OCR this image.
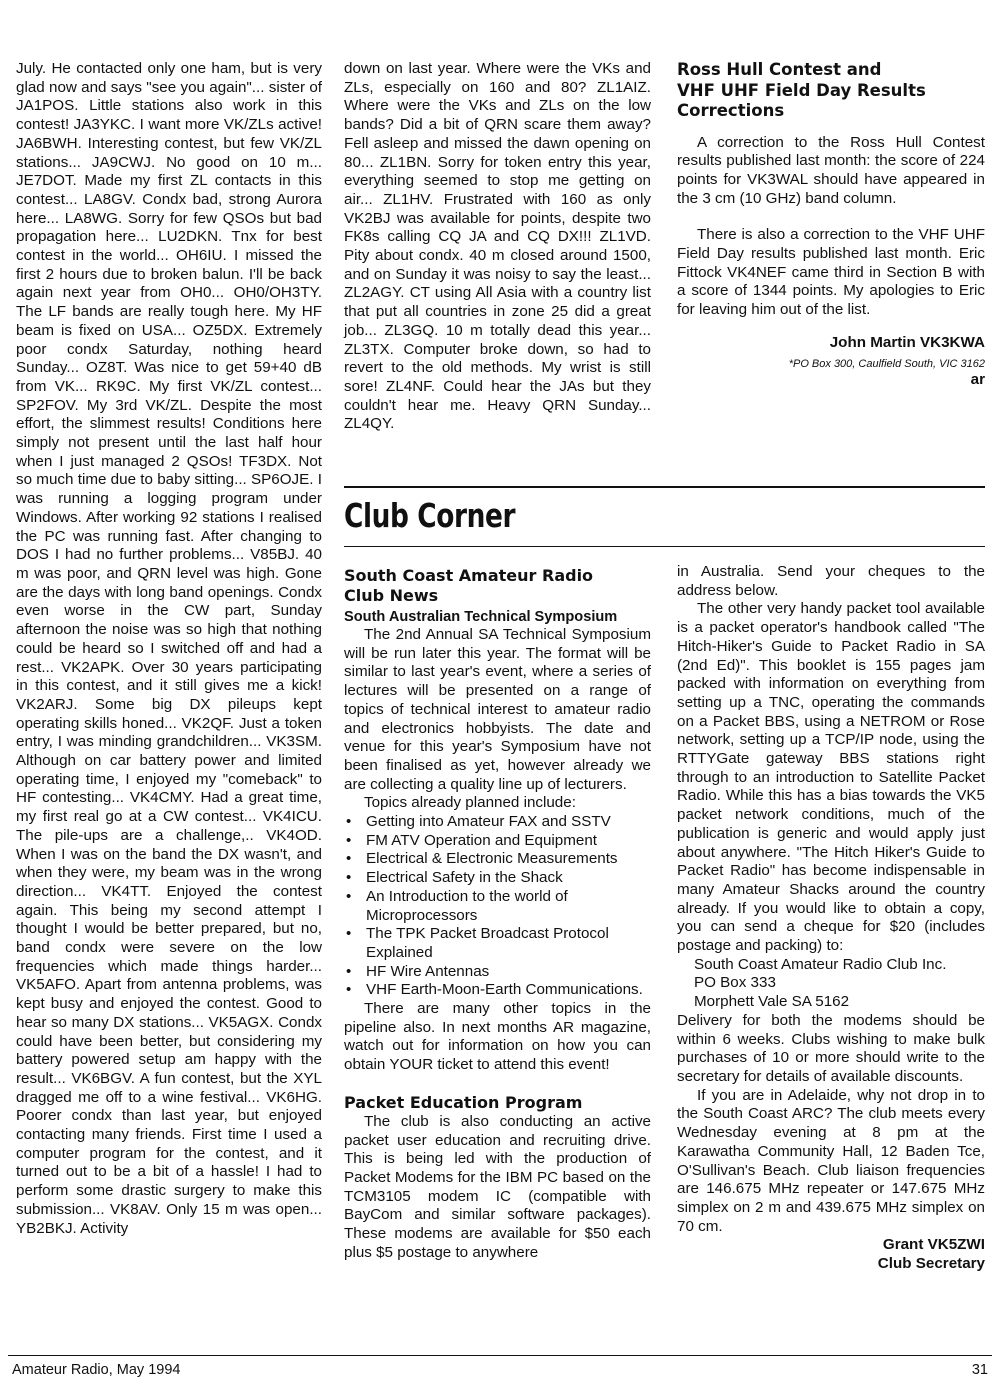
July. He contacted only one ham, but is very glad now and says "see you again"... sister of JA1POS. Little stations also work in this contest! JA3YKC. I want more VK/ZLs active! JA6BWH. Interesting contest, but few VK/ZL stations... JA9CWJ. No good on 10 m... JE7DOT. Made my first ZL contacts in this contest... LA8GV. Condx bad, strong Aurora here... LA8WG. Sorry for few QSOs but bad propagation here... LU2DKN. Tnx for best contest in the world... OH6IU. I missed the first 2 hours due to broken balun. I'll be back again next year from OH0... OH0/OH3TY. The LF bands are really tough here. My HF beam is fixed on USA... OZ5DX. Extremely poor condx Saturday, nothing heard Sunday... OZ8T. Was nice to get 59+40 dB from VK... RK9C. My first VK/ZL contest... SP2FOV. My 3rd VK/ZL. Despite the most effort, the slimmest results! Conditions here simply not present until the last half hour when I just managed 2 QSOs! TF3DX. Not so much time due to baby sitting... SP6OJE. I was running a logging program under Windows. After working 92 stations I realised the PC was running fast. After changing to DOS I had no further problems... V85BJ. 40 m was poor, and QRN level was high. Gone are the days with long band openings. Condx even worse in the CW part, Sunday afternoon the noise was so high that nothing could be heard so I switched off and had a rest... VK2APK. Over 30 years participating in this contest, and it still gives me a kick! VK2ARJ. Some big DX pileups kept operating skills honed... VK2QF. Just a token entry, I was minding grandchildren... VK3SM. Although on car battery power and limited operating time, I enjoyed my "comeback" to HF contesting... VK4CMY. Had a great time, my first real go at a CW contest... VK4ICU. The pile-ups are a challenge,.. VK4OD. When I was on the band the DX wasn't, and when they were, my beam was in the wrong direction... VK4TT. Enjoyed the contest again. This being my second attempt I thought I would be better prepared, but no, band condx were severe on the low frequencies which made things harder... VK5AFO. Apart from antenna problems, was kept busy and enjoyed the contest. Good to hear so many DX stations... VK5AGX. Condx could have been better, but considering my battery powered setup am happy with the result... VK6BGV. A fun contest, but the XYL dragged me off to a wine festival... VK6HG. Poorer condx than last year, but enjoyed contacting many friends. First time I used a computer program for the contest, and it turned out to be a bit of a hassle! I had to perform some drastic surgery to make this submission... VK8AV. Only 15 m was open... YB2BKJ. Activity

down on last year. Where were the VKs and ZLs, especially on 160 and 80? ZL1AIZ. Where were the VKs and ZLs on the low bands? Did a bit of QRN scare them away? Fell asleep and missed the dawn opening on 80... ZL1BN. Sorry for token entry this year, everything seemed to stop me getting on air... ZL1HV. Frustrated with 160 as only VK2BJ was available for points, despite two FK8s calling CQ JA and CQ DX!!! ZL1VD. Pity about condx. 40 m closed around 1500, and on Sunday it was noisy to say the least... ZL2AGY. CT using All Asia with a country list that put all countries in zone 25 did a great job... ZL3GQ. 10 m totally dead this year... ZL3TX. Computer broke down, so had to revert to the old methods. My wrist is still sore! ZL4NF. Could hear the JAs but they couldn't hear me. Heavy QRN Sunday... ZL4QY.

Ross Hull Contest and
VHF UHF Field Day Results
Corrections

A correction to the Ross Hull Contest results published last month: the score of 224 points for VK3WAL should have appeared in the 3 cm (10 GHz) band column.

There is also a correction to the VHF UHF Field Day results published last month. Eric Fittock VK4NEF came third in Section B with a score of 1344 points. My apologies to Eric for leaving him out of the list.

John Martin VK3KWA

*PO Box 300, Caulfield South, VIC 3162

ar

Club Corner
South Coast Amateur Radio
Club News

South Australian Technical Symposium

The 2nd Annual SA Technical Symposium will be run later this year. The format will be similar to last year's event, where a series of lectures will be presented on a range of topics of technical interest to amateur radio and electronics hobbyists. The date and venue for this year's Symposium have not been finalised as yet, however already we are collecting a quality line up of lecturers.

Topics already planned include:

• Getting into Amateur FAX and SSTV
• FM ATV Operation and Equipment
• Electrical & Electronic Measurements
• Electrical Safety in the Shack
• An Introduction to the world of Microprocessors
• The TPK Packet Broadcast Protocol Explained
• HF Wire Antennas
• VHF Earth-Moon-Earth Communications.

There are many other topics in the pipeline also. In next months AR magazine, watch out for information on how you can obtain YOUR ticket to attend this event!

Packet Education Program

The club is also conducting an active packet user education and recruiting drive. This is being led with the production of Packet Modems for the IBM PC based on the TCM3105 modem IC (compatible with BayCom and similar software packages). These modems are available for $50 each plus $5 postage to anywhere

in Australia. Send your cheques to the address below.

The other very handy packet tool available is a packet operator's handbook called "The Hitch-Hiker's Guide to Packet Radio in SA (2nd Ed)". This booklet is 155 pages jam packed with information on everything from setting up a TNC, operating the commands on a Packet BBS, using a NETROM or Rose network, setting up a TCP/IP node, using the RTTYGate gateway BBS stations right through to an introduction to Satellite Packet Radio. While this has a bias towards the VK5 packet network conditions, much of the publication is generic and would apply just about anywhere. "The Hitch Hiker's Guide to Packet Radio" has become indispensable in many Amateur Shacks around the country already. If you would like to obtain a copy, you can send a cheque for $20 (includes postage and packing) to:

South Coast Amateur Radio Club Inc.
PO Box 333
Morphett Vale SA 5162

Delivery for both the modems should be within 6 weeks. Clubs wishing to make bulk purchases of 10 or more should write to the secretary for details of available discounts.

If you are in Adelaide, why not drop in to the South Coast ARC? The club meets every Wednesday evening at 8 pm at the Karawatha Community Hall, 12 Baden Tce, O'Sullivan's Beach. Club liaison frequencies are 146.675 MHz repeater or 147.675 MHz simplex on 2 m and 439.675 MHz simplex on 70 cm.

Grant VK5ZWI

Club Secretary

Amateur Radio, May 1994	31
